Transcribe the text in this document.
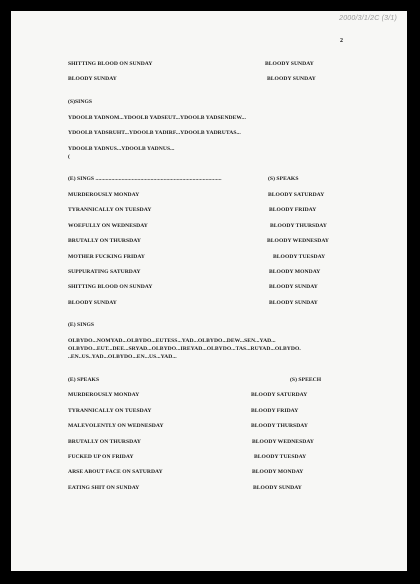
2000/3/1/2C (3/1)
2
SHITTING BLOOD ON SUNDAY	BLOODY SUNDAY
BLOODY SUNDAY	BLOODY SUNDAY
(S)SINGS
YDOOLB YADNOM...YDOOLB YADSEUT...YDOOLB YADSENDEW...
YDOOLB YADSRUHT...YDOOLB YADIRF...YDOOLB YADRUTAS...
YDOOLB YADNUS...YDOOLB YADNUS...
(
(E) SINGS .......................................................................................	(S) SPEAKS
MURDEROUSLY MONDAY	BLOODY SATURDAY
TYRANNICALLY ON TUESDAY	BLOODY FRIDAY
WOEFULLY ON WEDNESDAY	BLOODY THURSDAY
BRUTALLY ON THURSDAY	BLOODY WEDNESDAY
MOTHER FUCKING FRIDAY	BLOODY TUESDAY
SUPPURATING SATURDAY	BLOODY MONDAY
SHITTING BLOOD ON SUNDAY	BLOODY SUNDAY
BLOODY SUNDAY	BLOODY SUNDAY
(E) SINGS
OLBYDO...NOMYAD...OLBYDO...EUTESS...YAD...OLBYDO...DEW...SEN...YAD...
OLBYDO...EUT...DEE...SRYAD...OLBYDO...IREYAD...OLBYDO...TAS...RUYAD...OLBYDO.
..EN..US..YAD...OLBYDO...EN...US...YAD...
(E) SPEAKS	(S) SPEECH
MURDEROUSLY MONDAY	BLOODY SATURDAY
TYRANNICALLY ON TUESDAY	BLOODY FRIDAY
MALEVOLENTLY ON WEDNESDAY	BLOODY THURSDAY
BRUTALLY ON THURSDAY	BLOODY WEDNESDAY
FUCKED UP ON FRIDAY	BLOODY TUESDAY
ARSE ABOUT FACE ON SATURDAY	BLOODY MONDAY
EATING SHIT ON SUNDAY	BLOODY SUNDAY
